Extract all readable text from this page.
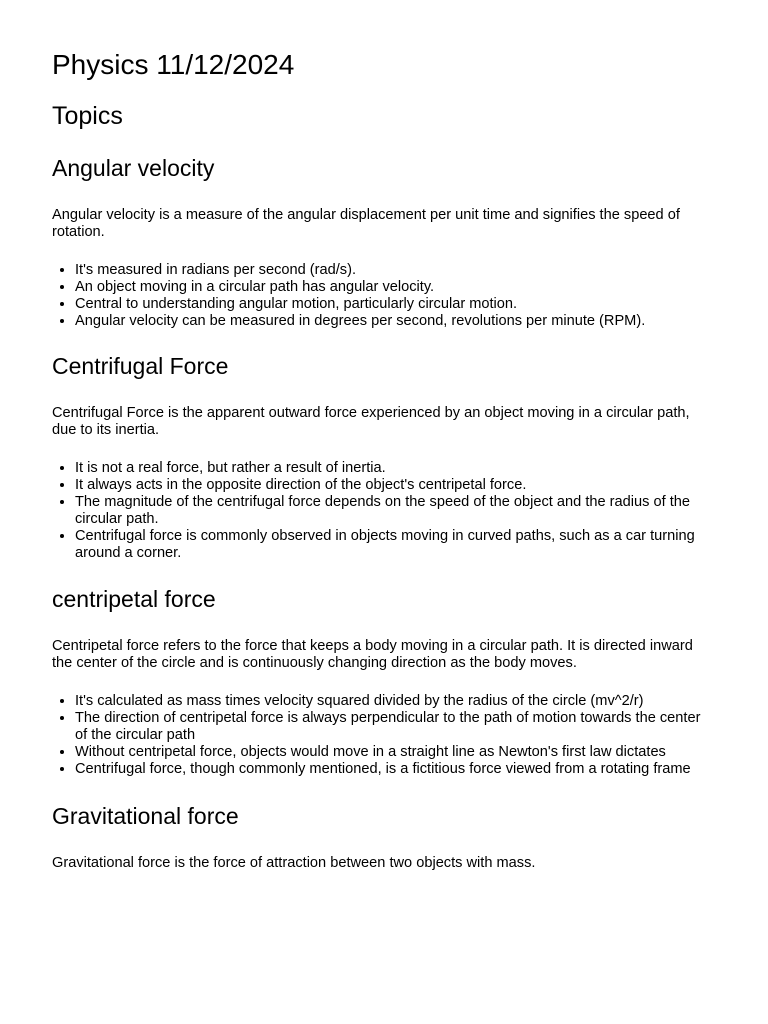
Physics 11/12/2024
Topics
Angular velocity

Angular velocity is a measure of the angular displacement per unit time and signifies the speed of rotation.

• It's measured in radians per second (rad/s).
• An object moving in a circular path has angular velocity.
• Central to understanding angular motion, particularly circular motion.
• Angular velocity can be measured in degrees per second, revolutions per minute (RPM).
Centrifugal Force

Centrifugal Force is the apparent outward force experienced by an object moving in a circular path, due to its inertia.

• It is not a real force, but rather a result of inertia.
• It always acts in the opposite direction of the object's centripetal force.
• The magnitude of the centrifugal force depends on the speed of the object and the radius of the circular path.
• Centrifugal force is commonly observed in objects moving in curved paths, such as a car turning around a corner.
centripetal force

Centripetal force refers to the force that keeps a body moving in a circular path. It is directed inward the center of the circle and is continuously changing direction as the body moves.

• It's calculated as mass times velocity squared divided by the radius of the circle (mv^2/r)
• The direction of centripetal force is always perpendicular to the path of motion towards the center of the circular path
• Without centripetal force, objects would move in a straight line as Newton's first law dictates
• Centrifugal force, though commonly mentioned, is a fictitious force viewed from a rotating frame
Gravitational force

Gravitational force is the force of attraction between two objects with mass.
